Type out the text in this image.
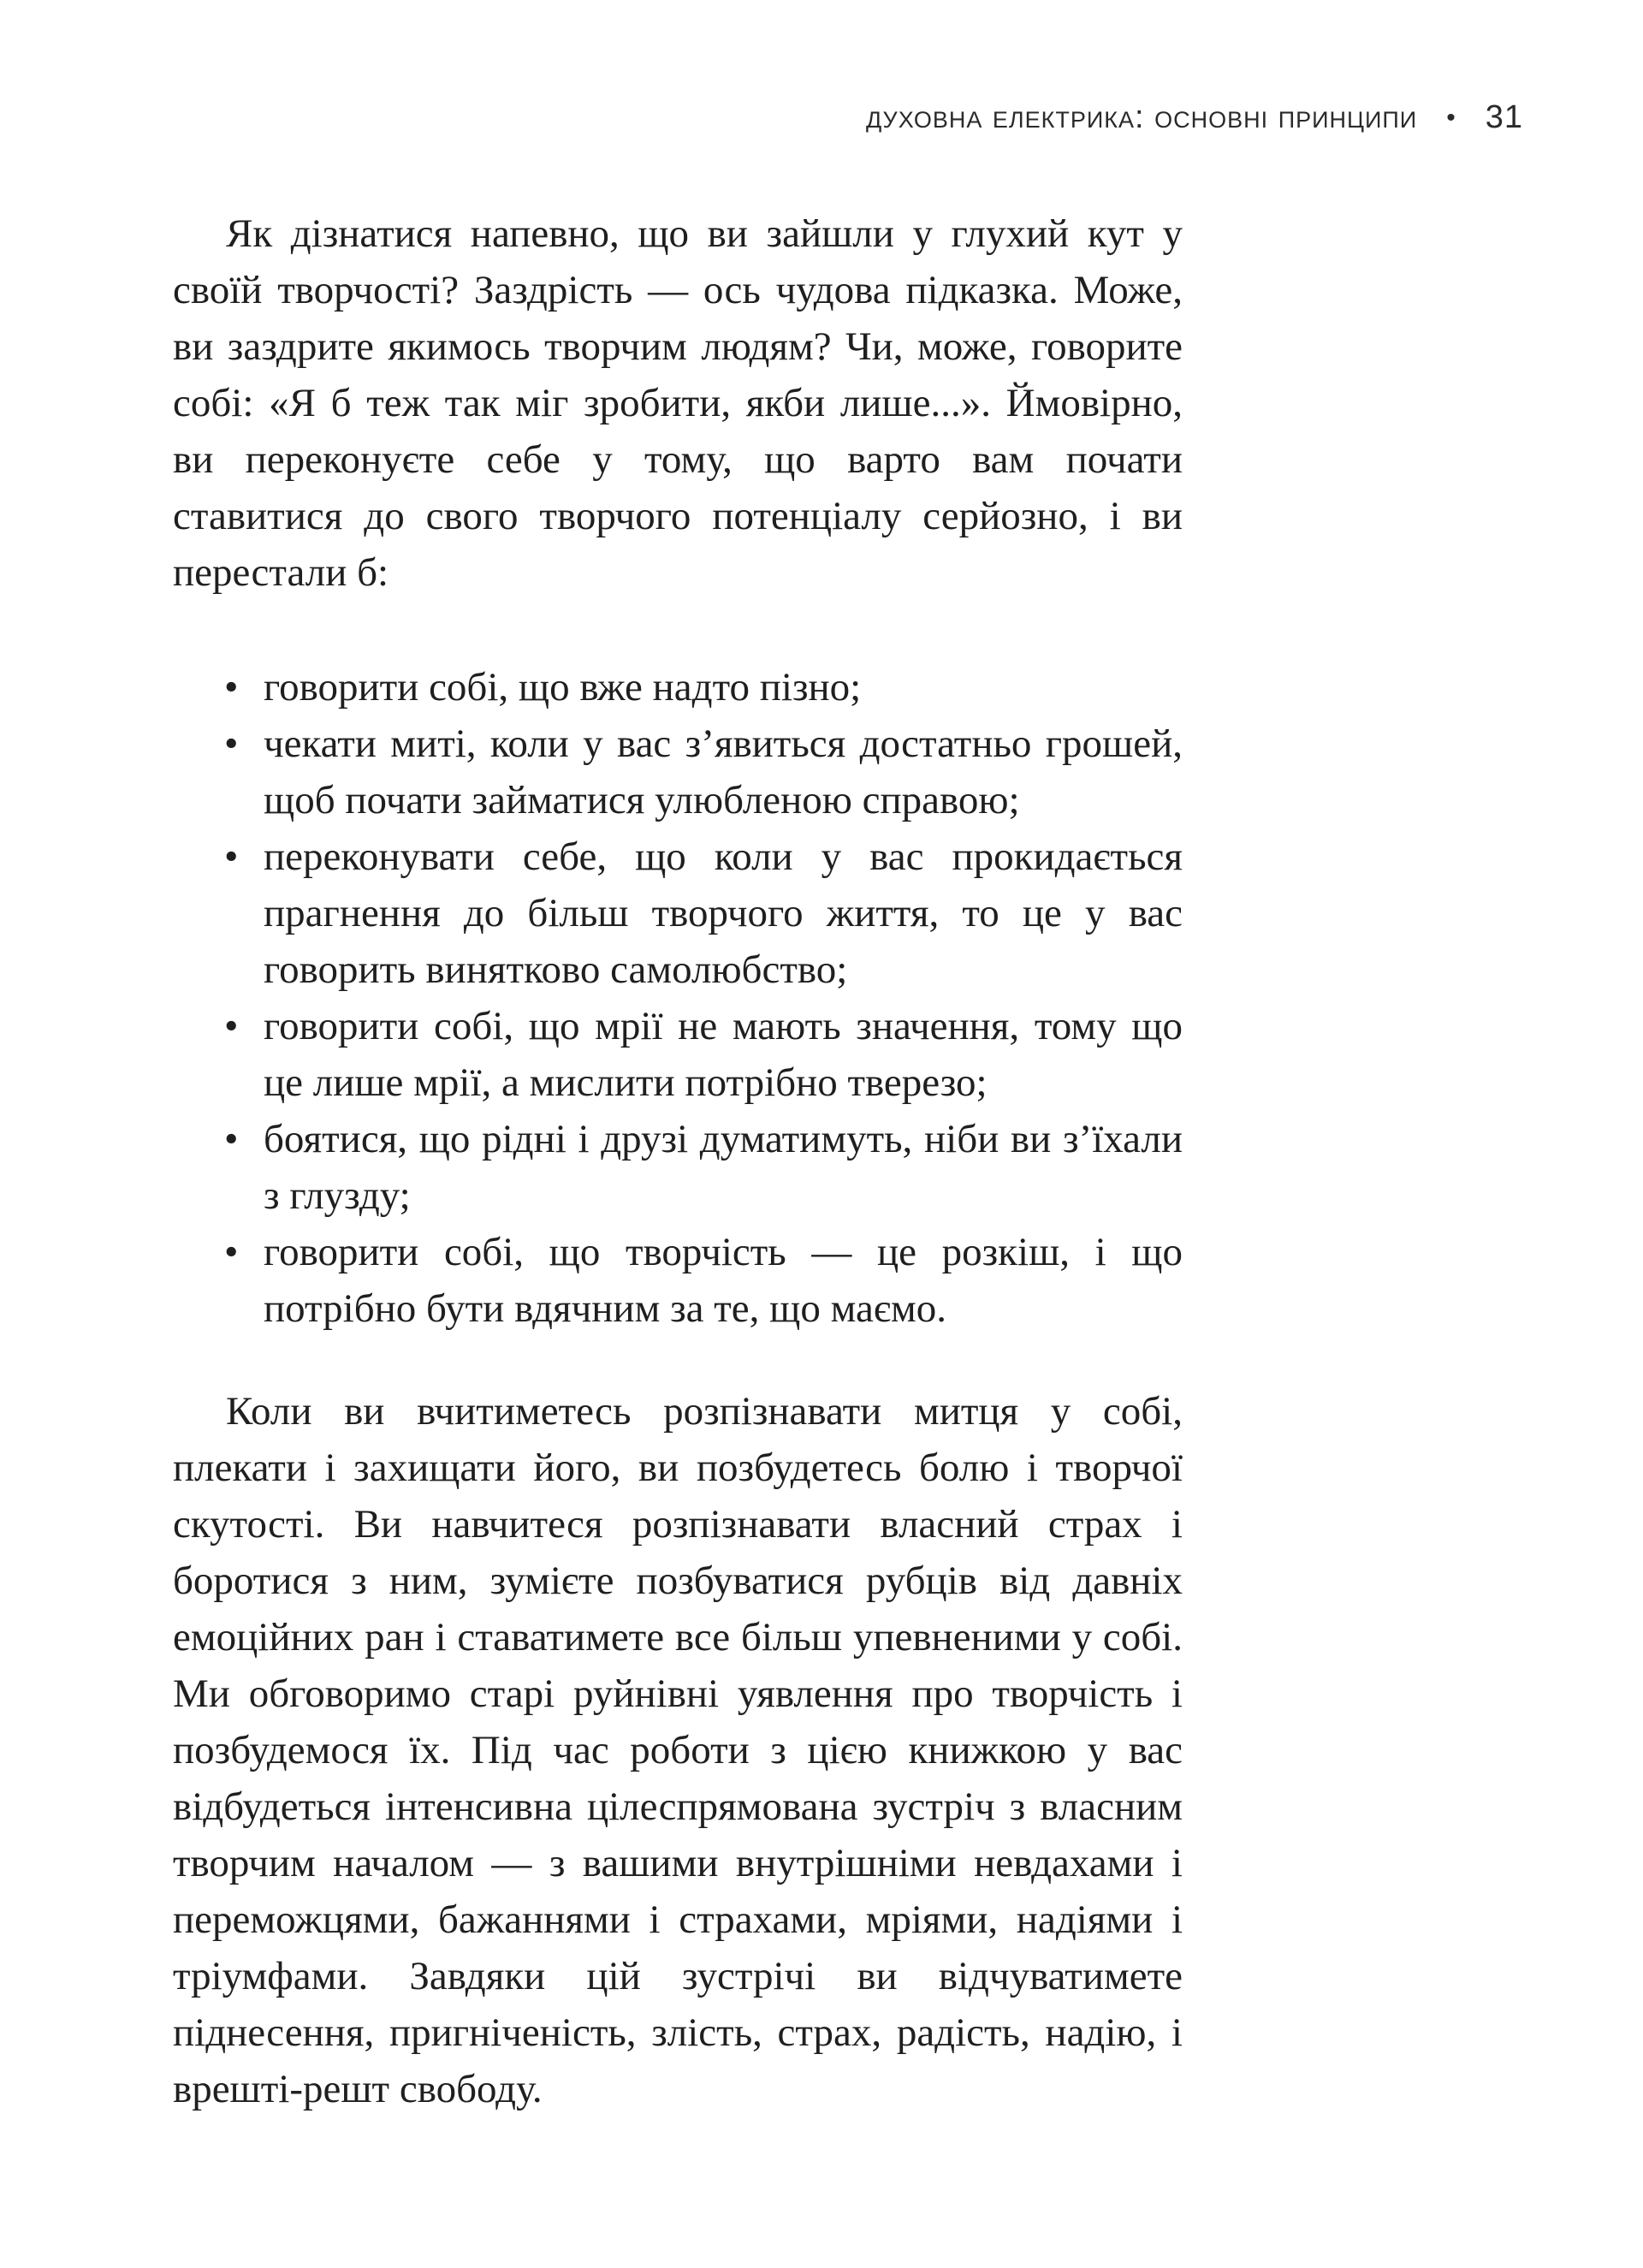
духовна електрика: основні принципи • 31

Як дізнатися напевно, що ви зайшли у глухий кут у своїй творчості? Заздрість — ось чудова підказка. Може, ви заздрите якимось творчим людям? Чи, може, говорите собі: «Я б теж так міг зробити, якби лише...». Ймовірно, ви переконуєте себе у тому, що варто вам почати ставитися до свого творчого потенціалу серйозно, і ви перестали б:

• говорити собі, що вже надто пізно;
• чекати миті, коли у вас з’явиться достатньо грошей, щоб почати займатися улюбленою справою;
• переконувати себе, що коли у вас прокидається прагнення до більш творчого життя, то це у вас говорить винятково самолюбство;
• говорити собі, що мрії не мають значення, тому що це лише мрії, а мислити потрібно тверезо;
• боятися, що рідні і друзі думатимуть, ніби ви з’їхали з глузду;
• говорити собі, що творчість — це розкіш, і що потрібно бути вдячним за те, що маємо.

Коли ви вчитиметесь розпізнавати митця у собі, плекати і захищати його, ви позбудетесь болю і творчої скутості. Ви навчитеся розпізнавати власний страх і боротися з ним, зумієте позбуватися рубців від давніх емоційних ран і ставатимете все більш упевненими у собі. Ми обговоримо старі руйнівні уявлення про творчість і позбудемося їх. Під час роботи з цією книжкою у вас відбудеться інтенсивна цілеспрямована зустріч з власним творчим началом — з вашими внутрішніми невдахами і переможцями, бажаннями і страхами, мріями, надіями і тріумфами. Завдяки цій зустрічі ви відчуватимете піднесення, пригніченість, злість, страх, радість, надію, і врешті-решт свободу.
